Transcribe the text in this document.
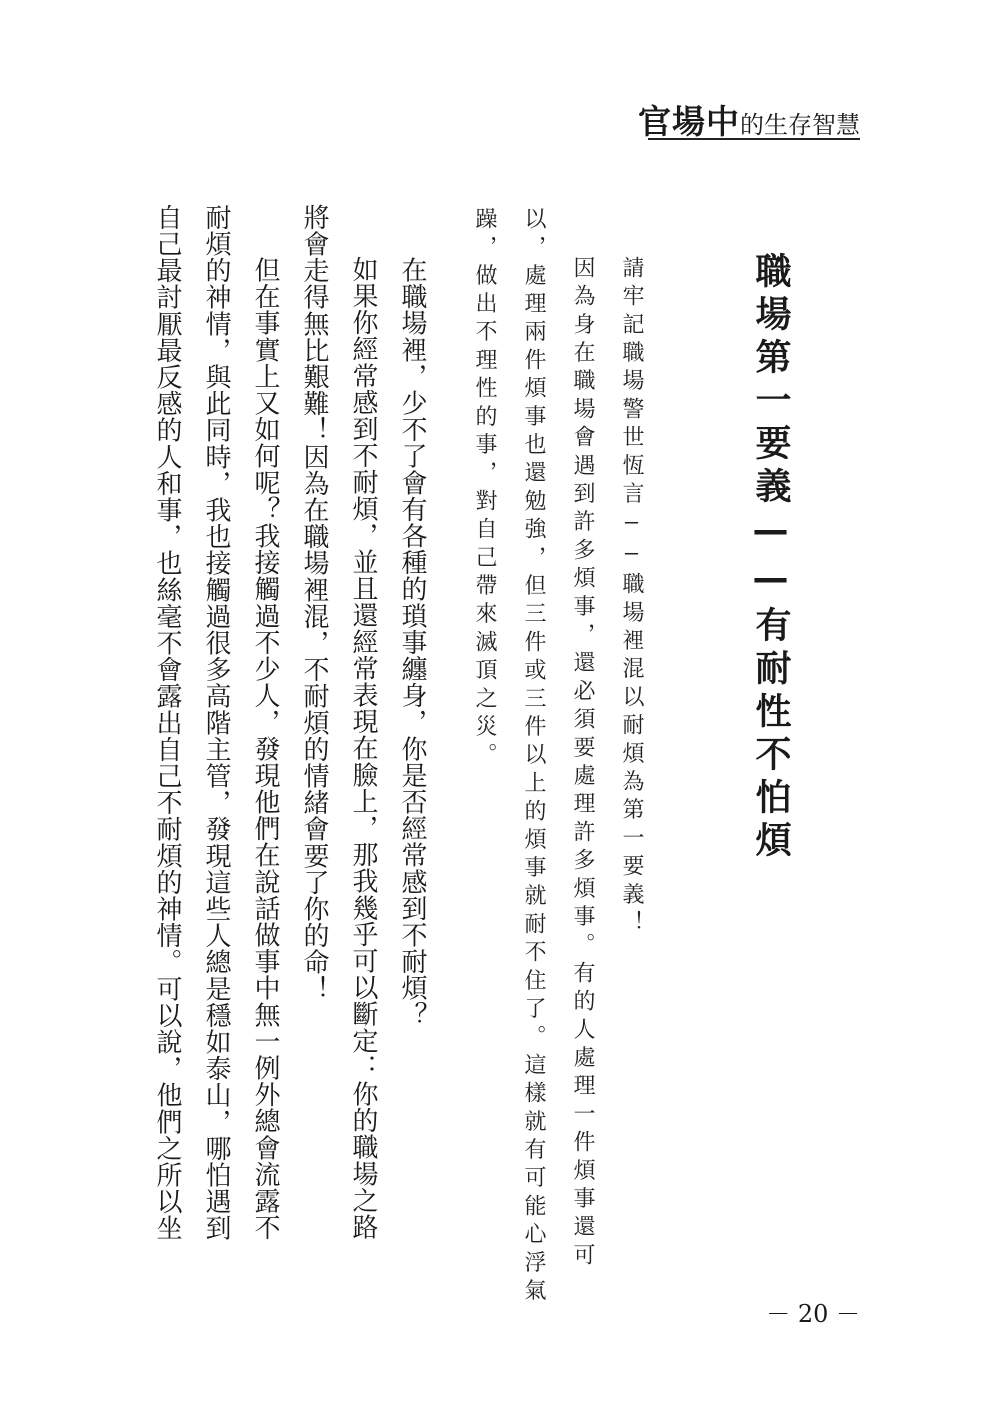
官場中 的生存智慧
職場第一要義——有耐性不怕煩
請牢記職場警世恆言——職場裡混以耐煩為第一要義！
因為身在職場會遇到許多煩事，還必須要處理許多煩事。有的人處理一件煩事還可
以，處理兩件煩事也還勉強，但三件或三件以上的煩事就耐不住了。這樣就有可能心浮氣
躁，做出不理性的事，對自己帶來滅頂之災。
　在職場裡，少不了會有各種的瑣事纏身，你是否經常感到不耐煩？
如果你經常感到不耐煩，並且還經常表現在臉上，那我幾乎可以斷定：你的職場之路
將會走得無比艱難！因為在職場裡混，不耐煩的情緒會要了你的命！
　但在事實上又如何呢？我接觸過不少人，發現他們在說話做事中無一例外總會流露不
耐煩的神情，與此同時，我也接觸過很多高階主管，發現這些人總是穩如泰山，哪怕遇到
自己最討厭最反感的人和事，也絲毫不會露出自己不耐煩的神情。可以說，他們之所以坐
－ 20 －
